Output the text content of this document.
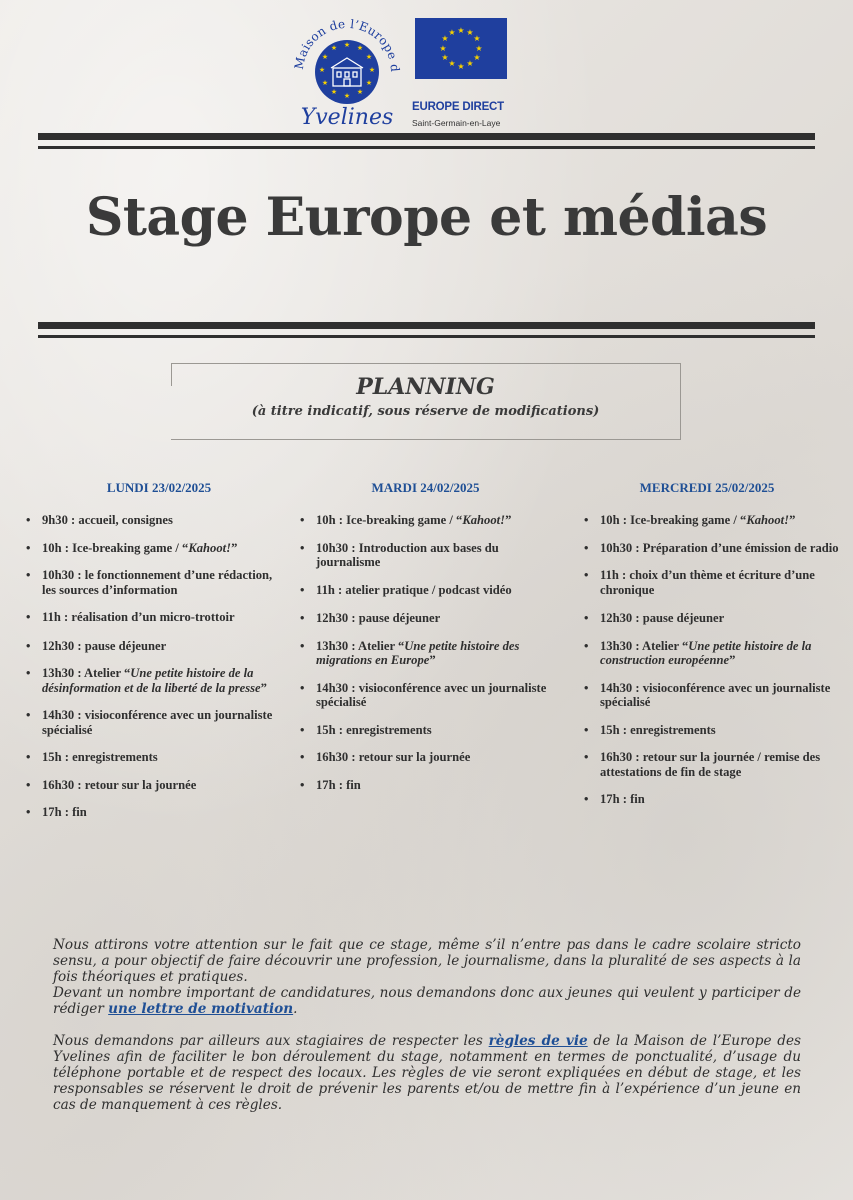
Maison de l’Europe d
★ ★
★
★
★
★
★
★
★
★
★
★
Yvelines
★ ★
★
★
★
★
★
★
★
★
★
★
EUROPE DIRECT
Saint-Germain-en-Laye
Stage Europe et médias
PLANNING
(à titre indicatif, sous réserve de modifications)
LUNDI 23/02/2025
• 9h30 : accueil, consignes
• 10h : Ice-breaking game / “Kahoot!”
• 10h30 : le fonctionnement d’une rédaction, les sources d’information
• 11h : réalisation d’un micro-trottoir
• 12h30 : pause déjeuner
• 13h30 : Atelier “Une petite histoire de la désinformation et de la liberté de la presse”
• 14h30 : visioconférence avec un journaliste spécialisé
• 15h : enregistrements
• 16h30 : retour sur la journée
• 17h : fin
MARDI 24/02/2025
• 10h : Ice-breaking game / “Kahoot!”
• 10h30 : Introduction aux bases du journalisme
• 11h : atelier pratique / podcast vidéo
• 12h30 : pause déjeuner
• 13h30 : Atelier “Une petite histoire des migrations en Europe”
• 14h30 : visioconférence avec un journaliste spécialisé
• 15h : enregistrements
• 16h30 : retour sur la journée
• 17h : fin
MERCREDI 25/02/2025
• 10h : Ice-breaking game / “Kahoot!”
• 10h30 : Préparation d’une émission de radio
• 11h : choix d’un thème et écriture d’une chronique
• 12h30 : pause déjeuner
• 13h30 : Atelier “Une petite histoire de la construction européenne”
• 14h30 : visioconférence avec un journaliste spécialisé
• 15h : enregistrements
• 16h30 : retour sur la journée / remise des attestations de fin de stage
• 17h : fin

Nous attirons votre attention sur le fait que ce stage, même s’il n’entre pas dans le cadre scolaire stricto sensu, a pour objectif de faire découvrir une profession, le journalisme, dans la pluralité de ses aspects à la fois théoriques et pratiques.

Devant un nombre important de candidatures, nous demandons donc aux jeunes qui veulent y participer de rédiger une lettre de motivation.

Nous demandons par ailleurs aux stagiaires de respecter les règles de vie de la Maison de l’Europe des Yvelines afin de faciliter le bon déroulement du stage, notamment en termes de ponctualité, d’usage du téléphone portable et de respect des locaux. Les règles de vie seront expliquées en début de stage, et les responsables se réservent le droit de prévenir les parents et/ou de mettre fin à l’expérience d’un jeune en cas de manquement à ces règles.
